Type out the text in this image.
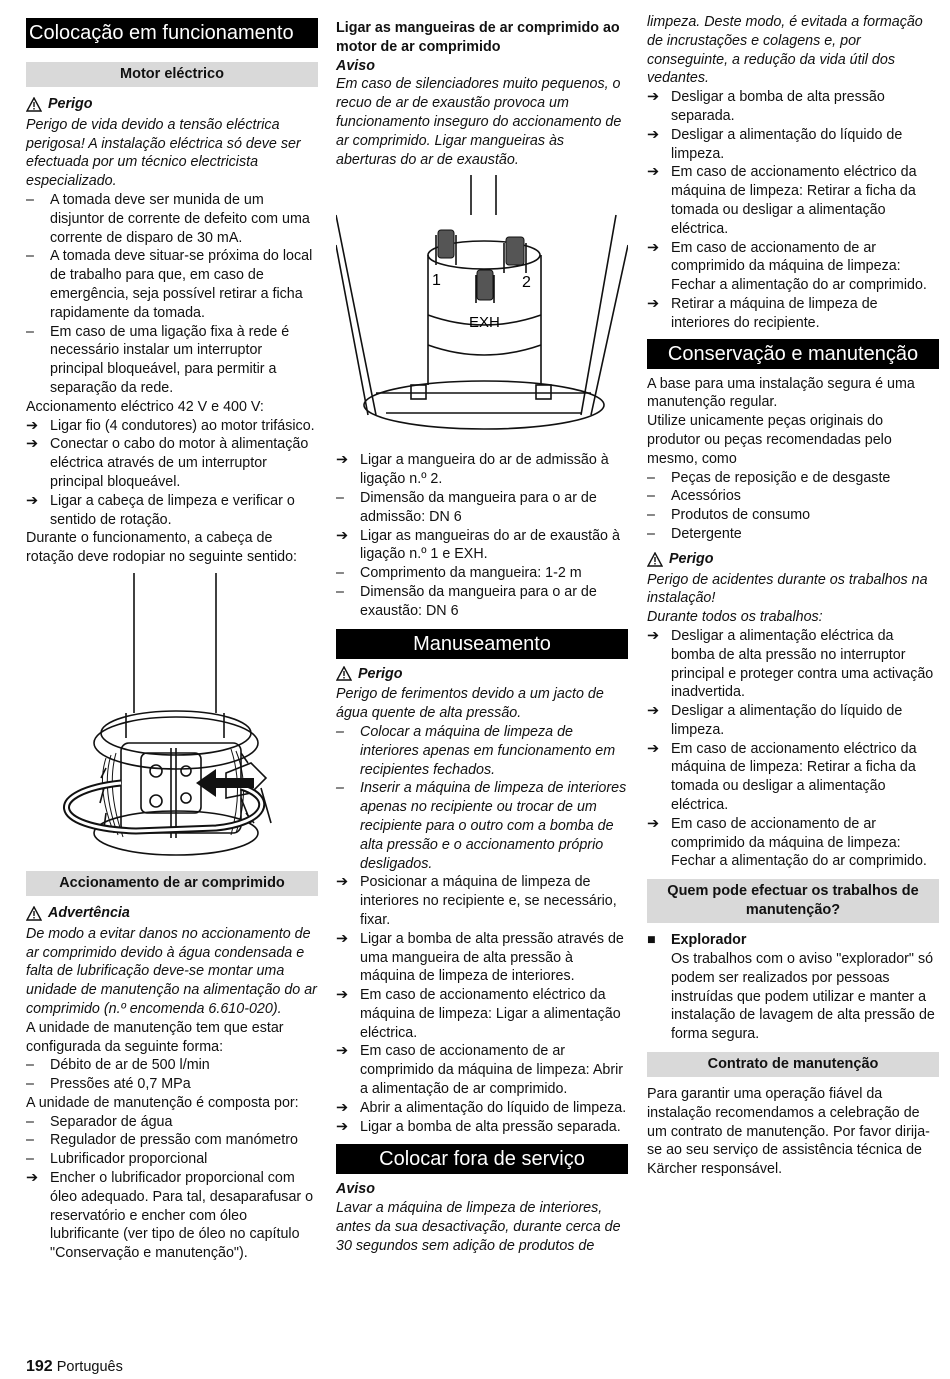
Colocação em funcionamento
Motor eléctrico
Perigo

Perigo de vida devido a tensão eléctrica perigosa! A instalação eléctrica só deve ser efectuada por um técnico electricista especializado.

–	A tomada deve ser munida de um disjuntor de corrente de defeito com uma corrente de disparo de 30 mA.
–	A tomada deve situar-se próxima do local de trabalho para que, em caso de emergência, seja possível retirar a ficha rapidamente da tomada.
–	Em caso de uma ligação fixa à rede é necessário instalar um interruptor principal bloqueável, para permitir a separação da rede.

Accionamento eléctrico 42 V e 400 V:

➔ Ligar fio (4 condutores) ao motor trifásico.
➔ Conectar o cabo do motor à alimentação eléctrica através de um interruptor principal bloqueável.
➔ Ligar a cabeça de limpeza e verificar o sentido de rotação.

Durante o funcionamento, a cabeça de rotação deve rodopiar no seguinte sentido:

Accionamento de ar comprimido
Advertência

De modo a evitar danos no accionamento de ar comprimido devido à água condensada e falta de lubrificação deve-se montar uma unidade de manutenção na alimentação do ar comprimido (n.º encomenda 6.610-020).

A unidade de manutenção tem que estar configurada da seguinte forma:

–	Débito de ar de 500 l/min
–	Pressões até 0,7 MPa

A unidade de manutenção é composta por:

–	Separador de água
–	Regulador de pressão com manómetro
–	Lubrificador proporcional
➔ Encher o lubrificador proporcional com óleo adequado. Para tal, desaparafusar o reservatório e encher com óleo lubrificante (ver tipo de óleo no capítulo "Conservação e manutenção").

Ligar as mangueiras de ar comprimido ao motor de ar comprimido

Aviso

Em caso de silenciadores muito pequenos, o recuo de ar de exaustão provoca um funcionamento inseguro do accionamento de ar comprimido. Ligar mangueiras às aberturas do ar de exaustão.

1	2
EXH
➔ Ligar a mangueira do ar de admissão à ligação n.º 2.
–	Dimensão da mangueira para o ar de admissão: DN 6
➔ Ligar as mangueiras do ar de exaustão à ligação n.º 1 e EXH.
–	Comprimento da mangueira: 1-2 m
–	Dimensão da mangueira para o ar de exaustão: DN 6
Manuseamento
Perigo

Perigo de ferimentos devido a um jacto de água quente de alta pressão.

–	Colocar a máquina de limpeza de interiores apenas em funcionamento em recipientes fechados.
–	Inserir a máquina de limpeza de interiores apenas no recipiente ou trocar de um recipiente para o outro com a bomba de alta pressão e o accionamento próprio desligados.
➔ Posicionar a máquina de limpeza de interiores no recipiente e, se necessário, fixar.
➔ Ligar a bomba de alta pressão através de uma mangueira de alta pressão à máquina de limpeza de interiores.
➔ Em caso de accionamento eléctrico da máquina de limpeza: Ligar a alimentação eléctrica.
➔ Em caso de accionamento de ar comprimido da máquina de limpeza: Abrir a alimentação de ar comprimido.
➔ Abrir a alimentação do líquido de limpeza.
➔ Ligar a bomba de alta pressão separada.
Colocar fora de serviço

Aviso

Lavar a máquina de limpeza de interiores, antes da sua desactivação, durante cerca de 30 segundos sem adição de produtos de

limpeza. Deste modo, é evitada a formação de incrustações e colagens e, por conseguinte, a redução da vida útil dos vedantes.

➔ Desligar a bomba de alta pressão separada.
➔ Desligar a alimentação do líquido de limpeza.
➔ Em caso de accionamento eléctrico da máquina de limpeza: Retirar a ficha da tomada ou desligar a alimentação eléctrica.
➔ Em caso de accionamento de ar comprimido da máquina de limpeza: Fechar a alimentação do ar comprimido.
➔ Retirar a máquina de limpeza de interiores do recipiente.
Conservação e manutenção

A base para uma instalação segura é uma manutenção regular.

Utilize unicamente peças originais do produtor ou peças recomendadas pelo mesmo, como

–	Peças de reposição e de desgaste
–	Acessórios
–	Produtos de consumo
–	Detergente
Perigo

Perigo de acidentes durante os trabalhos na instalação!

Durante todos os trabalhos:

➔ Desligar a alimentação eléctrica da bomba de alta pressão no interruptor principal e proteger contra uma activação inadvertida.
➔ Desligar a alimentação do líquido de limpeza.
➔ Em caso de accionamento eléctrico da máquina de limpeza: Retirar a ficha da tomada ou desligar a alimentação eléctrica.
➔ Em caso de accionamento de ar comprimido da máquina de limpeza: Fechar a alimentação do ar comprimido.
Quem pode efectuar os trabalhos de manutenção?
■	Explorador

Os trabalhos com o aviso "explorador" só podem ser realizados por pessoas instruídas que podem utilizar e manter a instalação de lavagem de alta pressão de forma segura.

Contrato de manutenção

Para garantir uma operação fiável da instalação recomendamos a celebração de um contrato de manutenção. Por favor dirija-se ao seu serviço de assistência técnica de Kärcher responsável.

192 Português
